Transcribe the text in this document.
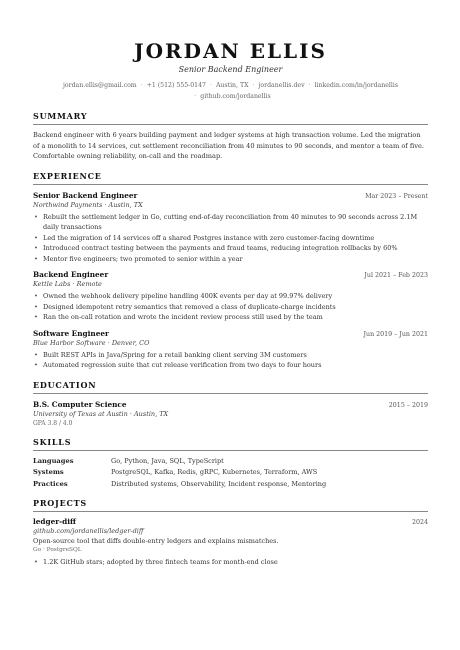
JORDAN ELLIS
Senior Backend Engineer
jordan.ellis@gmail.com · +1 (512) 555-0147 · Austin, TX · jordanellis.dev · linkedin.com/in/jordanellis
· github.com/jordanellis
SUMMARY
Backend engineer with 6 years building payment and ledger systems at high transaction volume. Led the migration of a monolith to 14 services, cut settlement reconciliation from 40 minutes to 90 seconds, and mentor a team of five. Comfortable owning reliability, on-call and the roadmap.
EXPERIENCE
Senior Backend Engineer	Mar 2023 – Present
Northwind Payments · Austin, TX
• Rebuilt the settlement ledger in Go, cutting end-of-day reconciliation from 40 minutes to 90 seconds across 2.1M daily transactions
• Led the migration of 14 services off a shared Postgres instance with zero customer-facing downtime
• Introduced contract testing between the payments and fraud teams, reducing integration rollbacks by 60%
• Mentor five engineers; two promoted to senior within a year
Backend Engineer	Jul 2021 – Feb 2023
Kettle Labs · Remote
• Owned the webhook delivery pipeline handling 400K events per day at 99.97% delivery
• Designed idempotent retry semantics that removed a class of duplicate-charge incidents
• Ran the on-call rotation and wrote the incident review process still used by the team
Software Engineer	Jun 2019 – Jun 2021
Blue Harbor Software · Denver, CO
• Built REST APIs in Java/Spring for a retail banking client serving 3M customers
• Automated regression suite that cut release verification from two days to four hours
EDUCATION
B.S. Computer Science	2015 – 2019
University of Texas at Austin · Austin, TX
GPA 3.8 / 4.0
SKILLS
Languages	Go, Python, Java, SQL, TypeScript
Systems	PostgreSQL, Kafka, Redis, gRPC, Kubernetes, Terraform, AWS
Practices	Distributed systems, Observability, Incident response, Mentoring
PROJECTS
ledger-diff	2024
github.com/jordanellis/ledger-diff
Open-source tool that diffs double-entry ledgers and explains mismatches.
Go · PostgreSQL
• 1.2K GitHub stars; adopted by three fintech teams for month-end close
